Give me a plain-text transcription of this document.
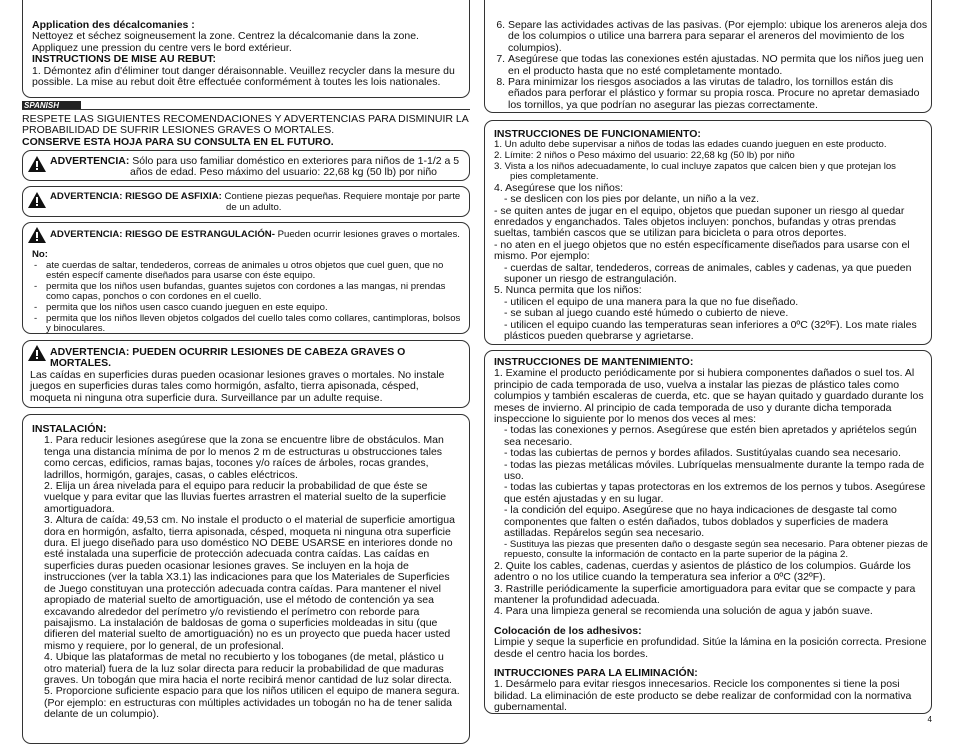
Application des décalcomanies :
Nettoyez et séchez soigneusement la zone. Centrez la décalcomanie dans la zone. Appliquez une pression du centre vers le bord extérieur.
INSTRUCTIONS DE MISE AU REBUT:
1. Démontez afin d'éliminer tout danger déraisonnable. Veuillez recycler dans la mesure du possible. La mise au rebut doit être effectuée conformément à toutes les lois nationales.
SPANISH
RESPETE LAS SIGUIENTES RECOMENDACIONES Y ADVERTENCIAS PARA DISMINUIR LA PROBABILIDAD DE SUFRIR LESIONES GRAVES O MORTALES.
CONSERVE ESTA HOJA PARA SU CONSULTA EN EL FUTURO.
ADVERTENCIA: Sólo para uso familiar doméstico en exteriores para niños de 1-1/2 a 5
años de edad. Peso máximo del usuario: 22,68 kg (50 lb) por niño
ADVERTENCIA: RIESGO DE ASFIXIA: Contiene piezas pequeñas. Requiere montaje por parte
de un adulto.
ADVERTENCIA: RIESGO DE ESTRANGULACIÓN- Pueden ocurrir lesiones graves o mortales.
No:
- ate cuerdas de saltar, tendederos, correas de animales u otros objetos que cuel guen, que no estén específ camente diseñados para usarse con éste equipo.
- permita que los niños usen bufandas, guantes sujetos con cordones a las mangas, ni prendas como capas, ponchos o con cordones en el cuello.
- permita que los niños usen casco cuando jueguen en este equipo.
- permita que los niños lleven objetos colgados del cuello tales como collares, cantimploras, bolsos y binoculares.
ADVERTENCIA: PUEDEN OCURRIR LESIONES DE CABEZA GRAVES O MORTALES.
Las caídas en superficies duras pueden ocasionar lesiones graves o mortales. No instale juegos en superficies duras tales como hormigón, asfalto, tierra apisonada, césped, moqueta ni ninguna otra superficie dura. Surveillance par un adulte requise.
INSTALACIÓN:
1. Para reducir lesiones asegúrese que la zona se encuentre libre de obstáculos. Man tenga una distancia mínima de por lo menos 2 m de estructuras u obstrucciones tales como cercas, edificios, ramas bajas, tocones y/o raíces de árboles, rocas grandes, ladrillos, hormigón, garajes, casas, o cables eléctricos.
2. Elija un área nivelada para el equipo para reducir la probabilidad de que éste se vuelque y para evitar que las lluvias fuertes arrastren el material suelto de la superficie amortiguadora.
3. Altura de caída: 49,53 cm. No instale el producto o el material de superficie amortigua dora en hormigón, asfalto, tierra apisonada, césped, moqueta ni ninguna otra superficie dura. El juego diseñado para uso doméstico NO DEBE USARSE en interiores donde no esté instalada una superficie de protección adecuada contra caídas. Las caídas en superficies duras pueden ocasionar lesiones graves. Se incluyen en la hoja de instrucciones (ver la tabla X3.1) las indicaciones para que los Materiales de Superficies de Juego constituyan una protección adecuada contra caídas. Para mantener el nivel apropiado de material suelto de amortiguación, use el método de contención ya sea excavando alrededor del perímetro y/o revistiendo el perímetro con reborde para paisajismo. La instalación de baldosas de goma o superficies moldeadas in situ (que difieren del material suelto de amortiguación) no es un proyecto que pueda hacer usted mismo y requiere, por lo general, de un profesional.
4. Ubique las plataformas de metal no recubierto y los toboganes (de metal, plástico u otro material) fuera de la luz solar directa para reducir la probabilidad de que maduras graves. Un tobogán que mira hacia el norte recibirá menor cantidad de luz solar directa.
5. Proporcione suficiente espacio para que los niños utilicen el equipo de manera segura. (Por ejemplo: en estructuras con múltiples actividades un tobogán no ha de tener salida delante de un columpio).
6. Separe las actividades activas de las pasivas. (Por ejemplo: ubique los areneros aleja dos de los columpios o utilice una barrera para separar el areneros del movimiento de los columpios).
7. Asegúrese que todas las conexiones estén ajustadas. NO permita que los niños jueg uen en el producto hasta que no esté completamente montado.
8. Para minimizar los riesgos asociados a las virutas de taladro, los tornillos están dis eñados para perforar el plástico y formar su propia rosca. Procure no apretar demasiado los tornillos, ya que podrían no asegurar las piezas correctamente.
INSTRUCCIONES DE FUNCIONAMIENTO:
1. Un adulto debe supervisar a niños de todas las edades cuando jueguen en este producto.
2. Límite: 2 niños o Peso máximo del usuario: 22,68 kg (50 lb) por niño
3. Vista a los niños adecuadamente, lo cual incluye zapatos que calcen bien y que protejan los
pies completamente.
4. Asegúrese que los niños:
- se deslicen con los pies por delante, un niño a la vez.
- se quiten antes de jugar en el equipo, objetos que puedan suponer un riesgo al quedar enredados y enganchados. Tales objetos incluyen: ponchos, bufandas y otras prendas sueltas, también cascos que se utilizan para bicicleta o para otros deportes.
- no aten en el juego objetos que no estén específicamente diseñados para usarse con el mismo. Por ejemplo:
- cuerdas de saltar, tendederos, correas de animales, cables y cadenas, ya que pueden suponer un riesgo de estrangulación.
5. Nunca permita que los niños:
- utilicen el equipo de una manera para la que no fue diseñado.
- se suban al juego cuando esté húmedo o cubierto de nieve.
- utilicen el equipo cuando las temperaturas sean inferiores a 0ºC (32ºF). Los mate riales plásticos pueden quebrarse y agrietarse.
INSTRUCCIONES DE MANTENIMIENTO:
1. Examine el producto periódicamente por si hubiera componentes dañados o suel tos. Al principio de cada temporada de uso, vuelva a instalar las piezas de plástico tales como columpios y también escaleras de cuerda, etc. que se hayan quitado y guardado durante los meses de invierno. Al principio de cada temporada de uso y durante dicha temporada inspeccione lo siguiente por lo menos dos veces al mes:
- todas las conexiones y pernos. Asegúrese que estén bien apretados y apriételos según sea necesario.
- todas las cubiertas de pernos y bordes afilados. Sustitúyalas cuando sea necesario.
- todas las piezas metálicas móviles. Lubríquelas mensualmente durante la tempo rada de uso.
- todas las cubiertas y tapas protectoras en los extremos de los pernos y tubos. Asegúrese que estén ajustadas y en su lugar.
- la condición del equipo. Asegúrese que no haya indicaciones de desgaste tal como componentes que falten o estén dañados, tubos doblados y superficies de madera astilladas. Repárelos según sea necesario.
- Sustituya las piezas que presenten daño o desgaste según sea necesario. Para obtener piezas de repuesto, consulte la información de contacto en la parte superior de la página 2.
2. Quite los cables, cadenas, cuerdas y asientos de plástico de los columpios. Guárde los adentro o no los utilice cuando la temperatura sea inferior a 0ºC (32ºF).
3. Rastrille periódicamente la superficie amortiguadora para evitar que se compacte y para mantener la profundidad adecuada.
4. Para una limpieza general se recomienda una solución de agua y jabón suave.
Colocación de los adhesivos:
Limpie y seque la superficie en profundidad. Sitúe la lámina en la posición correcta. Presione desde el centro hacia los bordes.
INTRUCCIONES PARA LA ELIMINACIÓN:
1. Desármelo para evitar riesgos innecesarios. Recicle los componentes si tiene la posi bilidad. La eliminación de este producto se debe realizar de conformidad con la normativa gubernamental.
4
